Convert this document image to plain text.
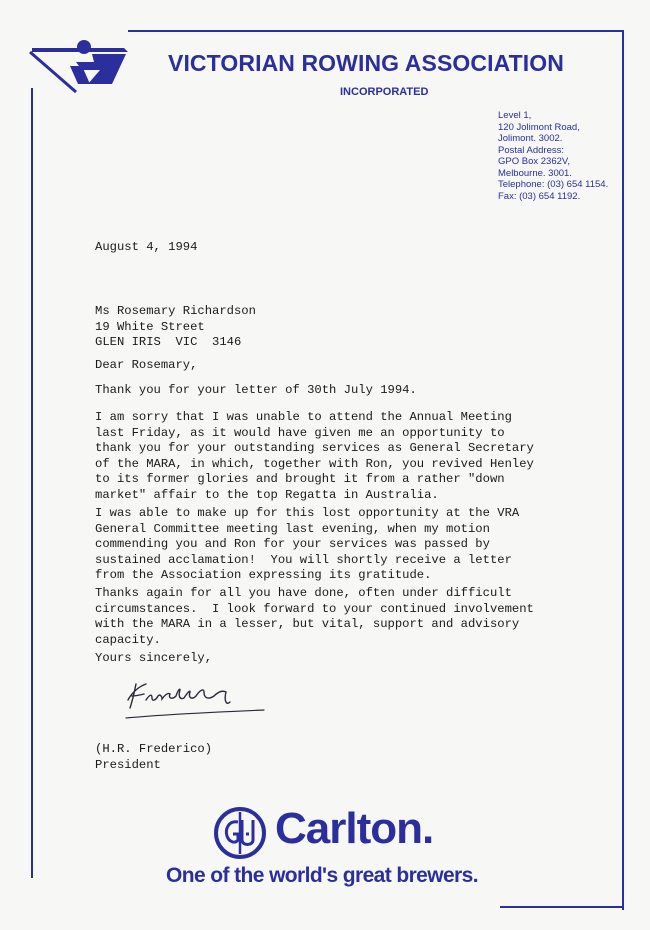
VICTORIAN ROWING ASSOCIATION
INCORPORATED
Level 1,
120 Jolimont Road,
Jolimont. 3002.
Postal Address:
GPO Box 2362V,
Melbourne. 3001.
Telephone: (03) 654 1154.
Fax: (03) 654 1192.
August 4, 1994
Ms Rosemary Richardson
19 White Street
GLEN IRIS  VIC  3146
Dear Rosemary,
Thank you for your letter of 30th July 1994.
I am sorry that I was unable to attend the Annual Meeting
last Friday, as it would have given me an opportunity to
thank you for your outstanding services as General Secretary
of the MARA, in which, together with Ron, you revived Henley
to its former glories and brought it from a rather "down
market" affair to the top Regatta in Australia.
I was able to make up for this lost opportunity at the VRA
General Committee meeting last evening, when my motion
commending you and Ron for your services was passed by
sustained acclamation!  You will shortly receive a letter
from the Association expressing its gratitude.
Thanks again for all you have done, often under difficult
circumstances.  I look forward to your continued involvement
with the MARA in a lesser, but vital, support and advisory
capacity.
Yours sincerely,
(H.R. Frederico)
President
Carlton.
One of the world's great brewers.
